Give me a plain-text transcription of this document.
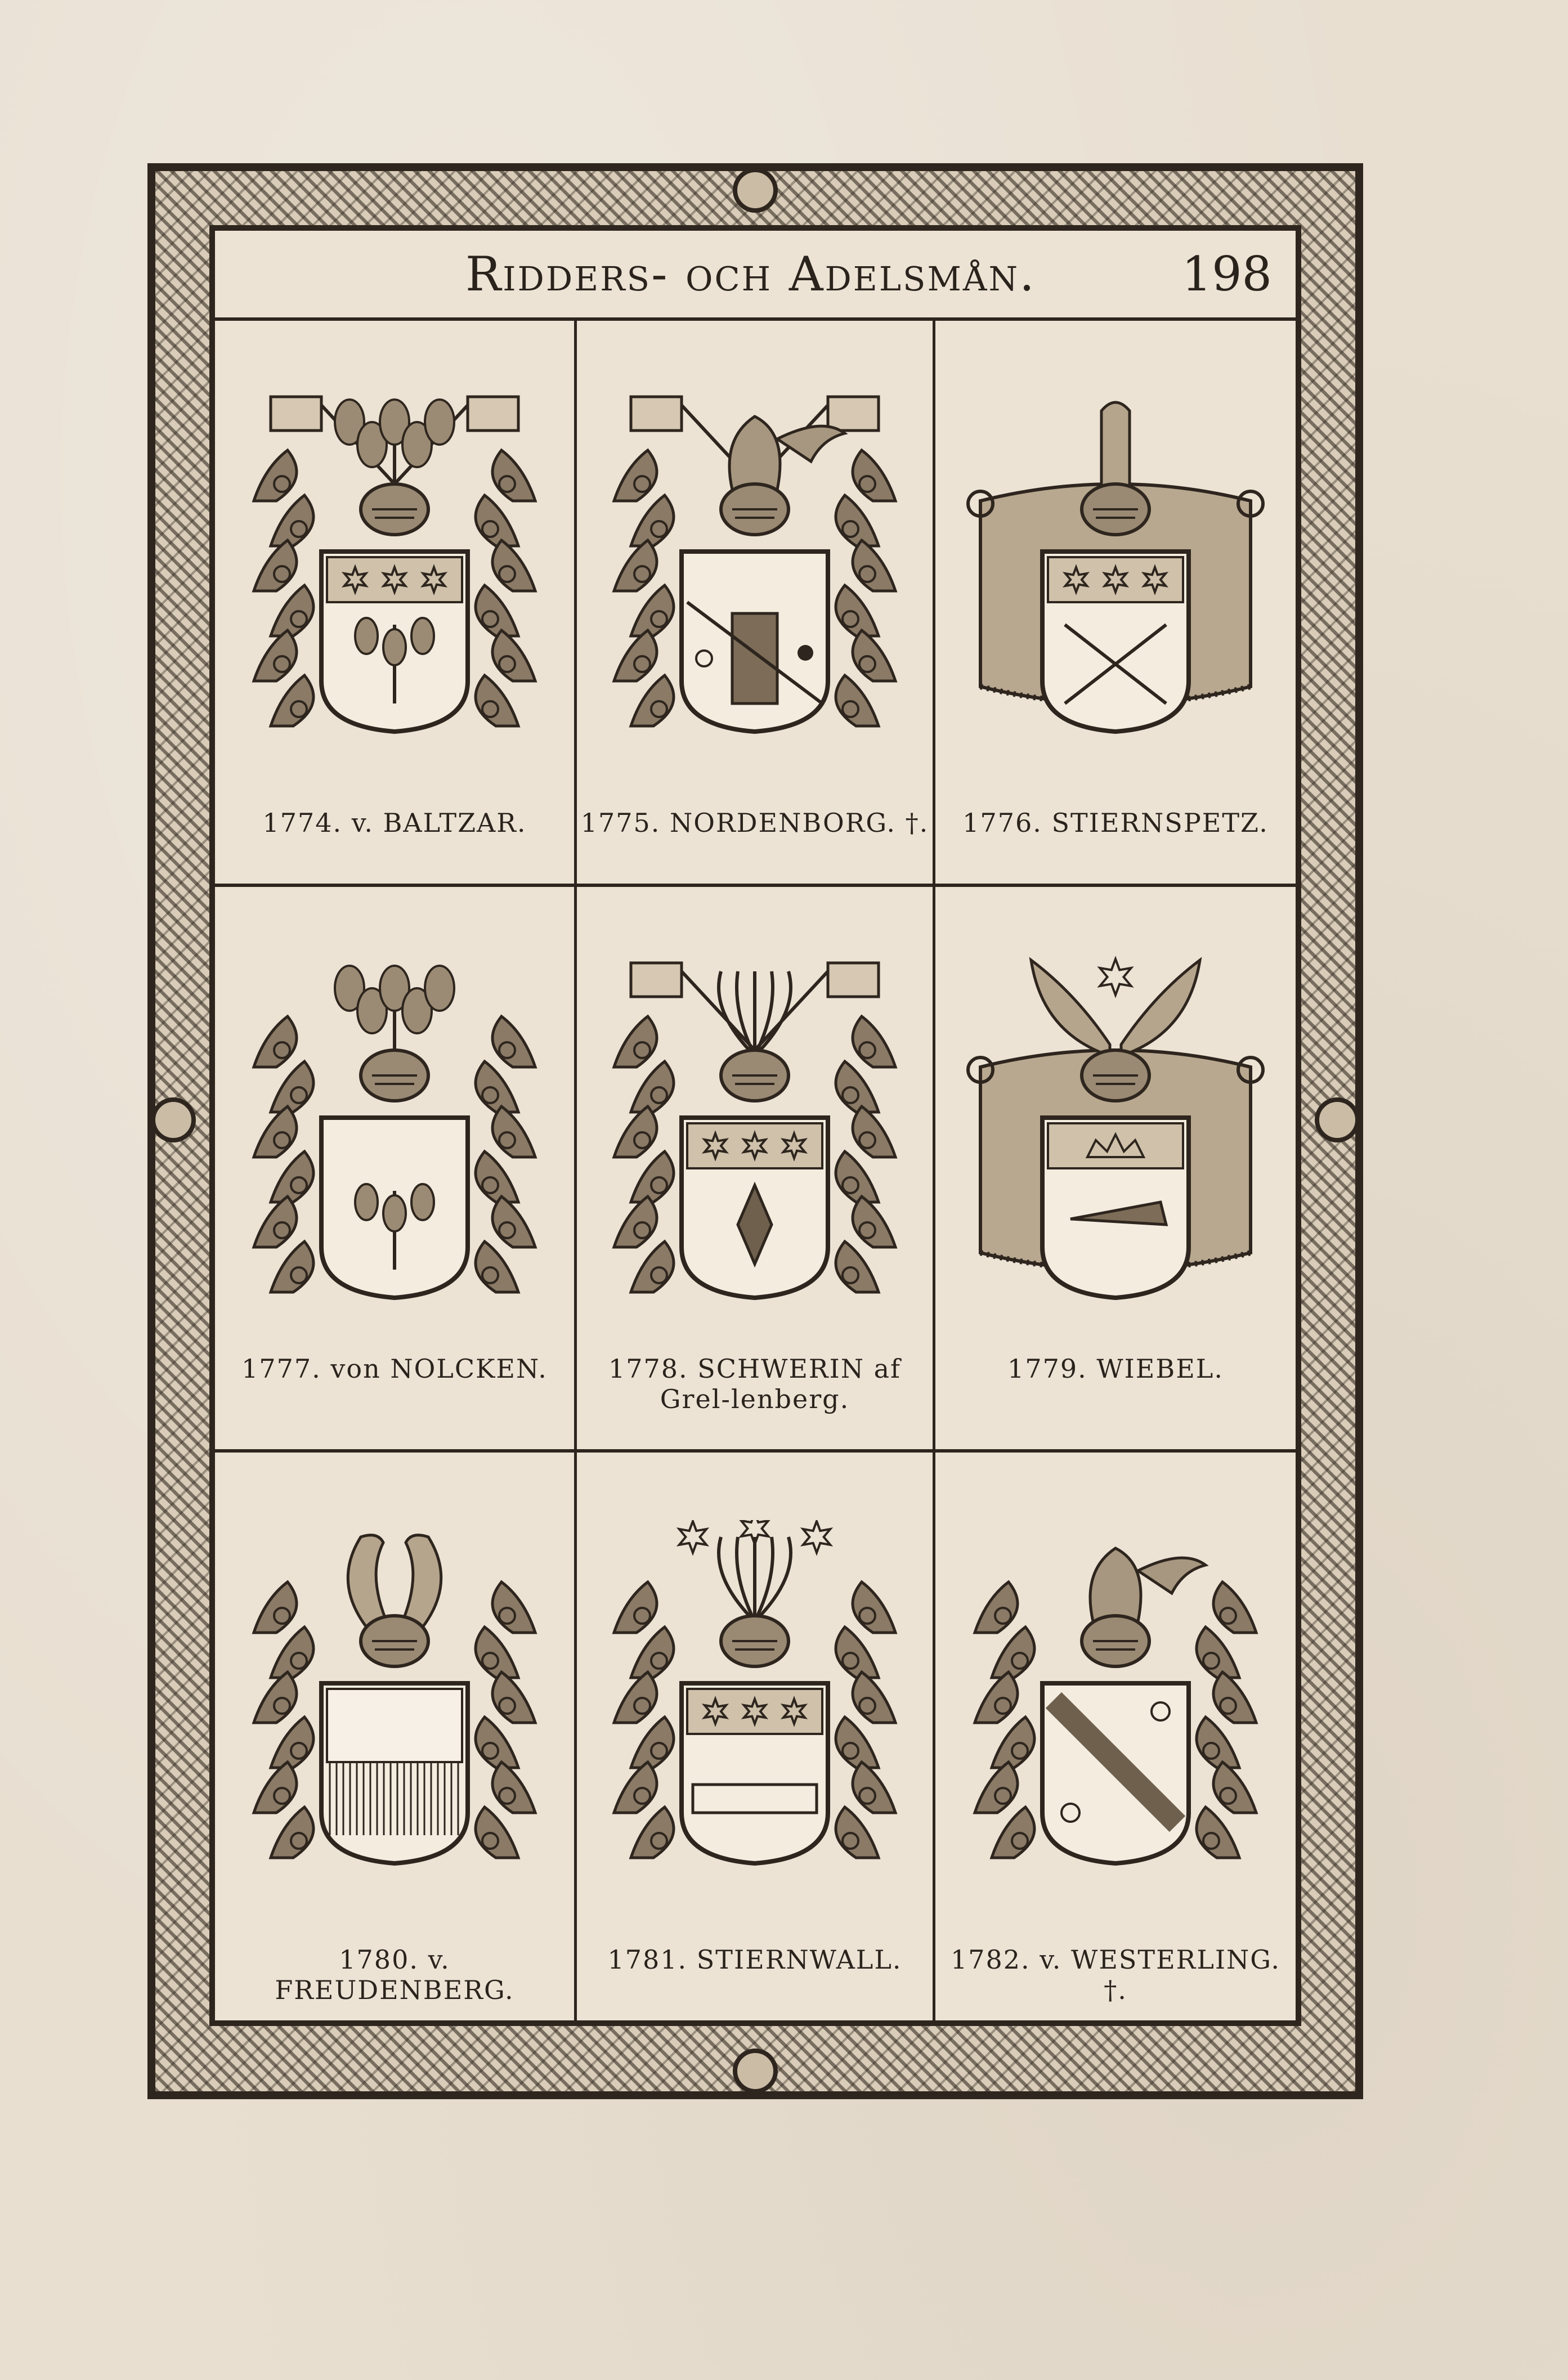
Ridders- och Adelsmån.	198
1774. v. BALTZAR.	1775. NORDENBORG. †.	1776. STIERNSPETZ.
1777. von NOLCKEN.	1778. SCHWERIN af Grel-lenberg.
1779. WIEBEL.
1780. v. FREUDENBERG.
1781. STIERNWALL.	1782. v. WESTERLING. †.
